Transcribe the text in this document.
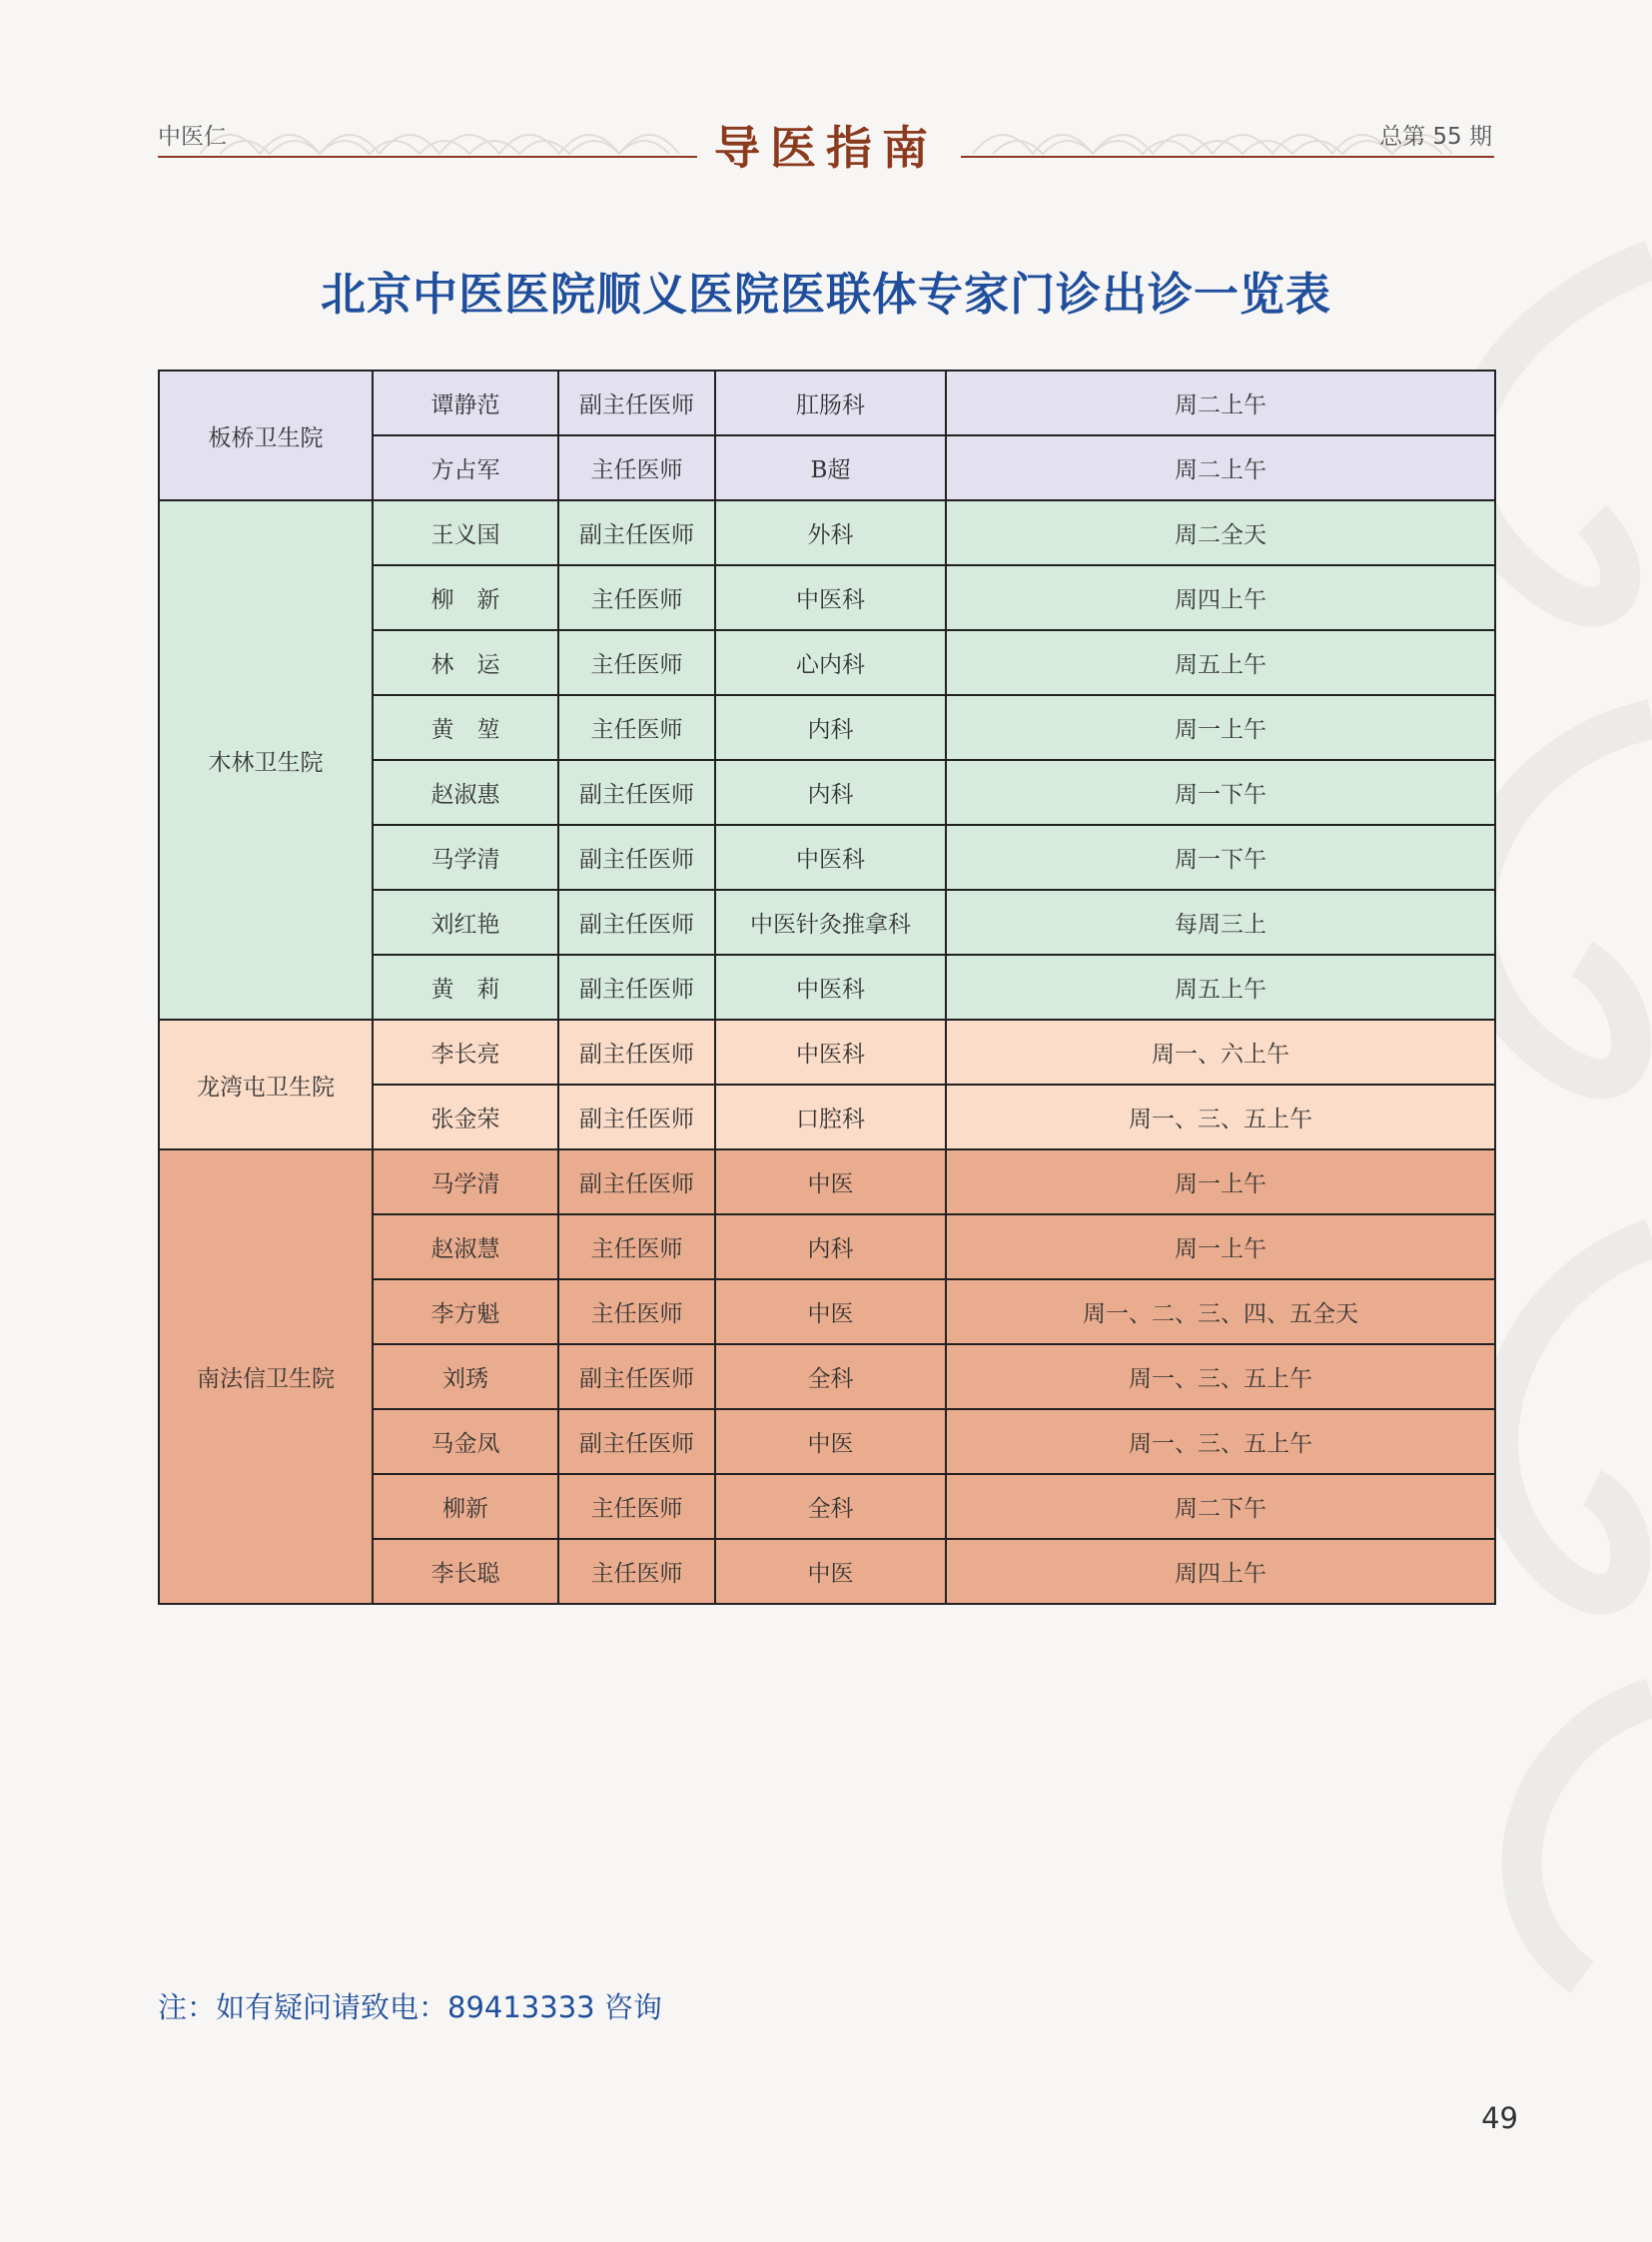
中医仁	导医指南	总第 55 期
北京中医医院顺义医院医联体专家门诊出诊一览表
板桥卫生院	谭静范	副主任医师	肛肠科	周二上午
	方占军	主任医师	B超	周二上午
木林卫生院	王义国	副主任医师	外科	周二全天
	柳　新	主任医师	中医科	周四上午
	林　运	主任医师	心内科	周五上午
	黄　堃	主任医师	内科	周一上午
	赵淑惠	副主任医师	内科	周一下午
	马学清	副主任医师	中医科	周一下午
	刘红艳	副主任医师	中医针灸推拿科	每周三上
	黄　莉	副主任医师	中医科	周五上午
龙湾屯卫生院	李长亮	副主任医师	中医科	周一、六上午
	张金荣	副主任医师	口腔科	周一、三、五上午
南法信卫生院	马学清	副主任医师	中医	周一上午
	赵淑慧	主任医师	内科	周一上午
	李方魁	主任医师	中医	周一、二、三、四、五全天
	刘琇	副主任医师	全科	周一、三、五上午
	马金凤	副主任医师	中医	周一、三、五上午
	柳新	主任医师	全科	周二下午
	李长聪	主任医师	中医	周四上午
注：如有疑问请致电：89413333 咨询
49
